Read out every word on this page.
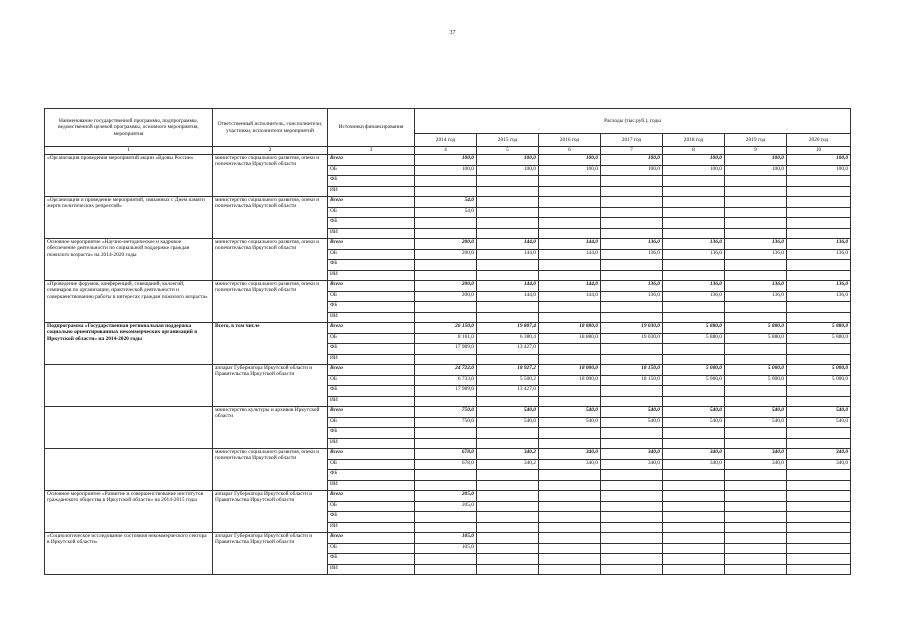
37
Наименование государственной программы, подпрограммы, ведомственной целевой программы, основного мероприятия, мероприятия	Ответственный исполнитель, соисполнители, участники, исполнители мероприятий	Источники финансирования	Расходы (тыс.руб.), годы						
			2014 год	2015 год	2016 год	2017 год	2018 год	2019 год	2020 год
1	2	3	4	5	6	7	8	9	10
«Организация проведения мероприятий акции «Вдовы России»	министерство социального развития, опеки и попечительства Иркутской области	Всего	100,0	100,0	100,0	100,0	100,0	100,0	100,0
		ОБ	100,0	100,0	100,0	100,0	100,0	100,0	100,0
		ФБ							
		ИИ							
«Организация и проведение мероприятий, связанных с Днем памяти жертв политических репрессий»	министерство социального развития, опеки и попечительства Иркутской области	Всего	54,0						
		ОБ	54,0						
		ФБ							
		ИИ							
Основное мероприятие «Научно-методическое и кадровое обеспечение деятельности по социальной поддержке граждан пожилого возраста» на 2014-2020 годы	министерство социального развития, опеки и попечительства Иркутской области	Всего	200,0	144,0	144,0	136,0	136,0	136,0	136,0
		ОБ	200,0	144,0	144,0	136,0	136,0	136,0	136,0
		ФБ							
		ИИ							
«Проведение форумов, конференций, совещаний, коллегий, семинаров по организации, практической деятельности и совершенствованию работы в интересах граждан пожилого возраста»	министерство социального развития, опеки и попечительства Иркутской области	Всего	200,0	144,0	144,0	136,0	136,0	136,0	136,0
		ОБ	200,0	144,0	144,0	136,0	136,0	136,0	136,0
		ФБ							
		ИИ							
Подпрограмма «Государственная региональная поддержка социально ориентированных некоммерческих организаций в Иркутской области» на 2014-2020 годы	Всего, в том числе	Всего	26 150,0	19 807,4	18 880,0	19 030,0	5 880,0	5 880,0	5 880,0
		ОБ	8 161,0	6 380,4	18 880,0	19 030,0	5 880,0	5 880,0	5 880,0
		ФБ	17 989,0	13 427,0					
		ИИ							
	аппарат Губернатора Иркутской области и Правительства Иркутской области	Всего	24 722,0	18 927,2	18 000,0	18 150,0	5 000,0	5 000,0	5 000,0
		ОБ	6 733,0	5 500,2	18 000,0	18 150,0	5 000,0	5 000,0	5 000,0
		ФБ	17 989,0	13 427,0					
		ИИ							
	министерство культуры и архивов Иркутской области	Всего	750,0	540,0	540,0	540,0	540,0	540,0	540,0
		ОБ	750,0	540,0	540,0	540,0	540,0	540,0	540,0
		ФБ							
		ИИ							
	министерство социального развития, опеки и попечительства Иркутской области	Всего	678,0	340,2	340,0	340,0	340,0	340,0	340,0
		ОБ	678,0	340,2	340,0	340,0	340,0	340,0	340,0
		ФБ							
		ИИ							
Основное мероприятие «Развитие и совершенствование институтов гражданского общества в Иркутской области» на 2014-2015 годы	аппарат Губернатора Иркутской области и Правительства Иркутской области	Всего	205,0						
		ОБ	205,0						
		ФБ							
		ИИ							
«Социологическое исследование состояния некоммерческого сектора в Иркутской области»	аппарат Губернатора Иркутской области и Правительства Иркутской области	Всего	105,0						
		ОБ	105,0						
		ФБ							
		ИИ							
